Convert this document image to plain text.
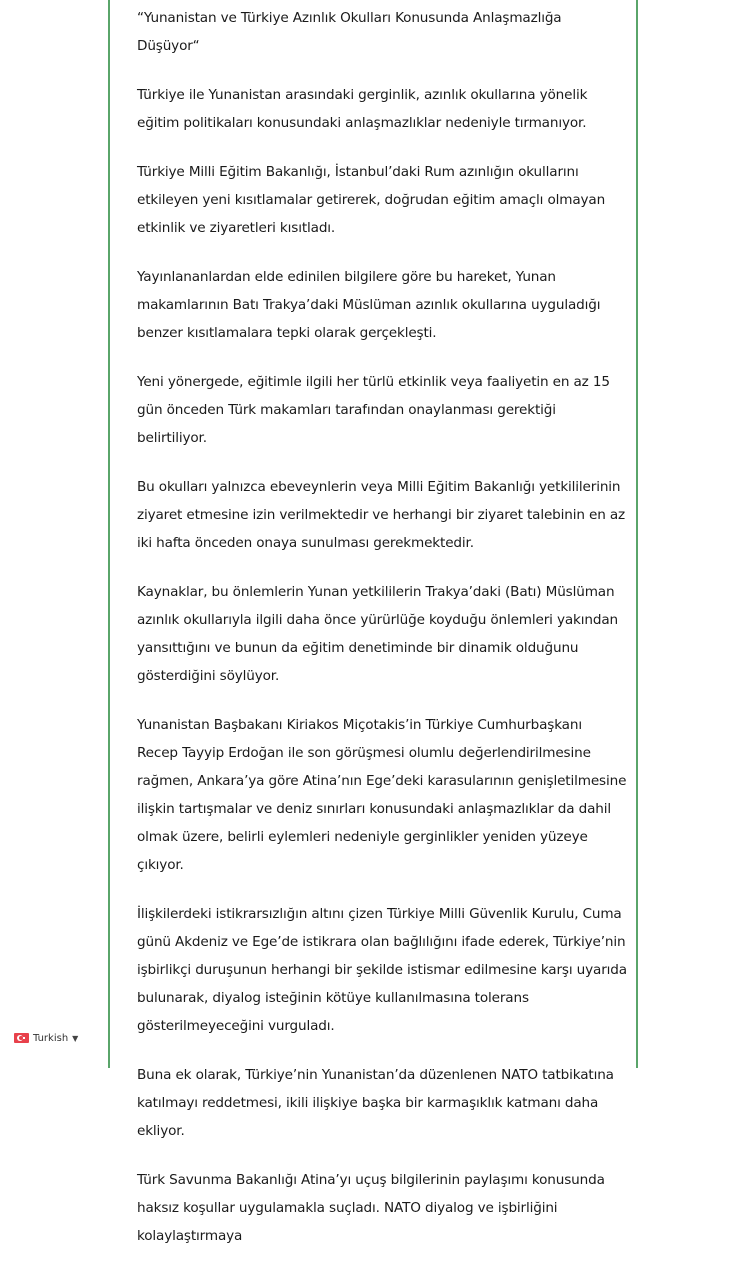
“Yunanistan ve Türkiye Azınlık Okulları Konusunda Anlaşmazlığa Düşüyor“

Türkiye ile Yunanistan arasındaki gerginlik, azınlık okullarına yönelik eğitim politikaları konusundaki anlaşmazlıklar nedeniyle tırmanıyor.

Türkiye Milli Eğitim Bakanlığı, İstanbul’daki Rum azınlığın okullarını etkileyen yeni kısıtlamalar getirerek, doğrudan eğitim amaçlı olmayan etkinlik ve ziyaretleri kısıtladı.

Yayınlananlardan elde edinilen bilgilere göre bu hareket, Yunan makamlarının Batı Trakya’daki Müslüman azınlık okullarına uyguladığı benzer kısıtlamalara tepki olarak gerçekleşti.

Yeni yönergede, eğitimle ilgili her türlü etkinlik veya faaliyetin en az 15 gün önceden Türk makamları tarafından onaylanması gerektiği belirtiliyor.

Bu okulları yalnızca ebeveynlerin veya Milli Eğitim Bakanlığı yetkililerinin ziyaret etmesine izin verilmektedir ve herhangi bir ziyaret talebinin en az iki hafta önceden onaya sunulması gerekmektedir.

Kaynaklar, bu önlemlerin Yunan yetkililerin Trakya’daki (Batı) Müslüman azınlık okullarıyla ilgili daha önce yürürlüğe koyduğu önlemleri yakından yansıttığını ve bunun da eğitim denetiminde bir dinamik olduğunu gösterdiğini söylüyor.

Yunanistan Başbakanı Kiriakos Miçotakis’in Türkiye Cumhurbaşkanı Recep Tayyip Erdoğan ile son görüşmesi olumlu değerlendirilmesine rağmen, Ankara’ya göre Atina’nın Ege’deki karasularının genişletilmesine ilişkin tartışmalar ve deniz sınırları konusundaki anlaşmazlıklar da dahil olmak üzere, belirli eylemleri nedeniyle gerginlikler yeniden yüzeye çıkıyor.

İlişkilerdeki istikrarsızlığın altını çizen Türkiye Milli Güvenlik Kurulu, Cuma günü Akdeniz ve Ege’de istikrara olan bağlılığını ifade ederek, Türkiye’nin işbirlikçi duruşunun herhangi bir şekilde istismar edilmesine karşı uyarıda bulunarak, diyalog isteğinin kötüye kullanılmasına tolerans gösterilmeyeceğini vurguladı.

Buna ek olarak, Türkiye’nin Yunanistan’da düzenlenen NATO tatbikatına katılmayı reddetmesi, ikili ilişkiye başka bir karmaşıklık katmanı daha ekliyor.

Türk Savunma Bakanlığı Atina’yı uçuş bilgilerinin paylaşımı konusunda haksız koşullar uygulamakla suçladı. NATO diyalog ve işbirliğini kolaylaştırmaya

Turkish ▼
